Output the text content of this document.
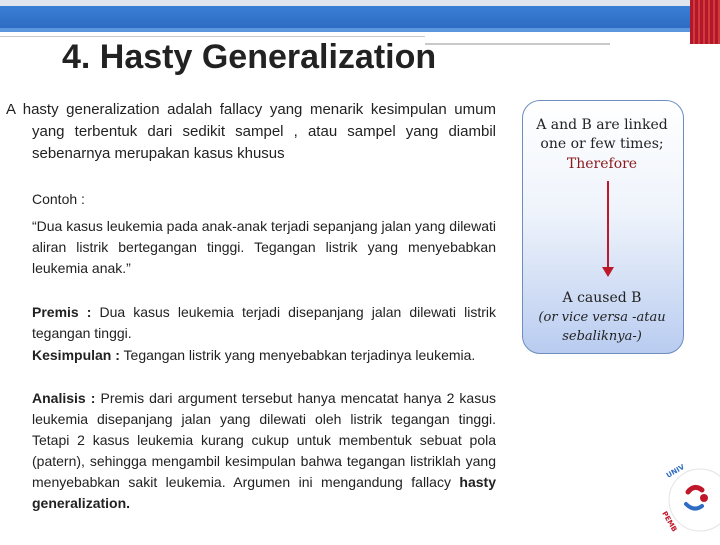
4. Hasty Generalization
A hasty generalization adalah fallacy yang menarik kesimpulan umum yang terbentuk dari sedikit sampel , atau sampel yang diambil sebenarnya merupakan kasus khusus
Contoh :
“Dua kasus leukemia pada anak-anak terjadi sepanjang jalan yang dilewati aliran listrik bertegangan tinggi. Tegangan listrik yang menyebabkan leukemia anak.”
Premis : Dua kasus leukemia terjadi disepanjang jalan dilewati listrik tegangan tinggi.
Kesimpulan : Tegangan listrik yang menyebabkan terjadinya leukemia.
Analisis : Premis dari argument tersebut hanya mencatat hanya 2 kasus leukemia disepanjang jalan yang dilewati oleh listrik tegangan tinggi. Tetapi 2 kasus leukemia kurang cukup untuk membentuk sebuat pola (patern), sehingga mengambil kesimpulan bahwa tegangan listriklah yang menyebabkan sakit leukemia. Argumen ini mengandung fallacy hasty generalization.
A and B are linked one or few times;
Therefore
A caused B
(or vice versa -atau sebaliknya-)
UNIV
PEMB
